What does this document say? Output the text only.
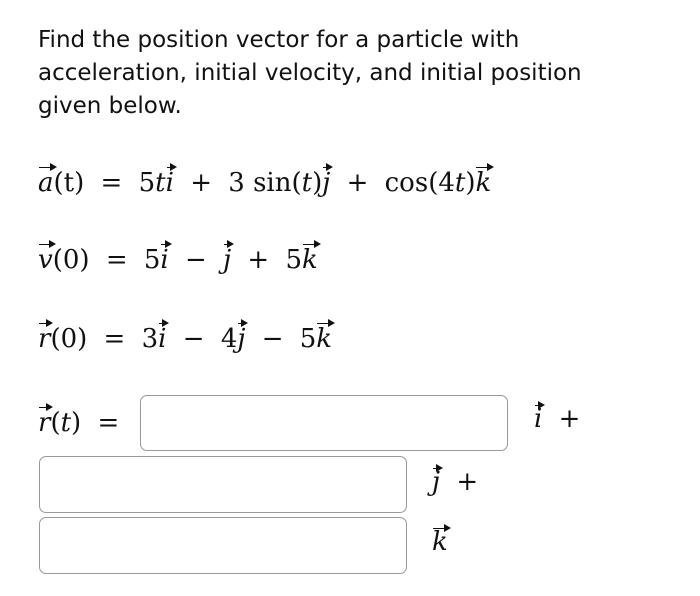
Find the position vector for a particle with
acceleration, initial velocity, and initial position
given below.
a(t) = 5ti + 3 sin(t)j + cos(4t)k
v(0) = 5i − j + 5k
r(0) = 3i − 4j − 5k
r(t) =	i +
j +
k
